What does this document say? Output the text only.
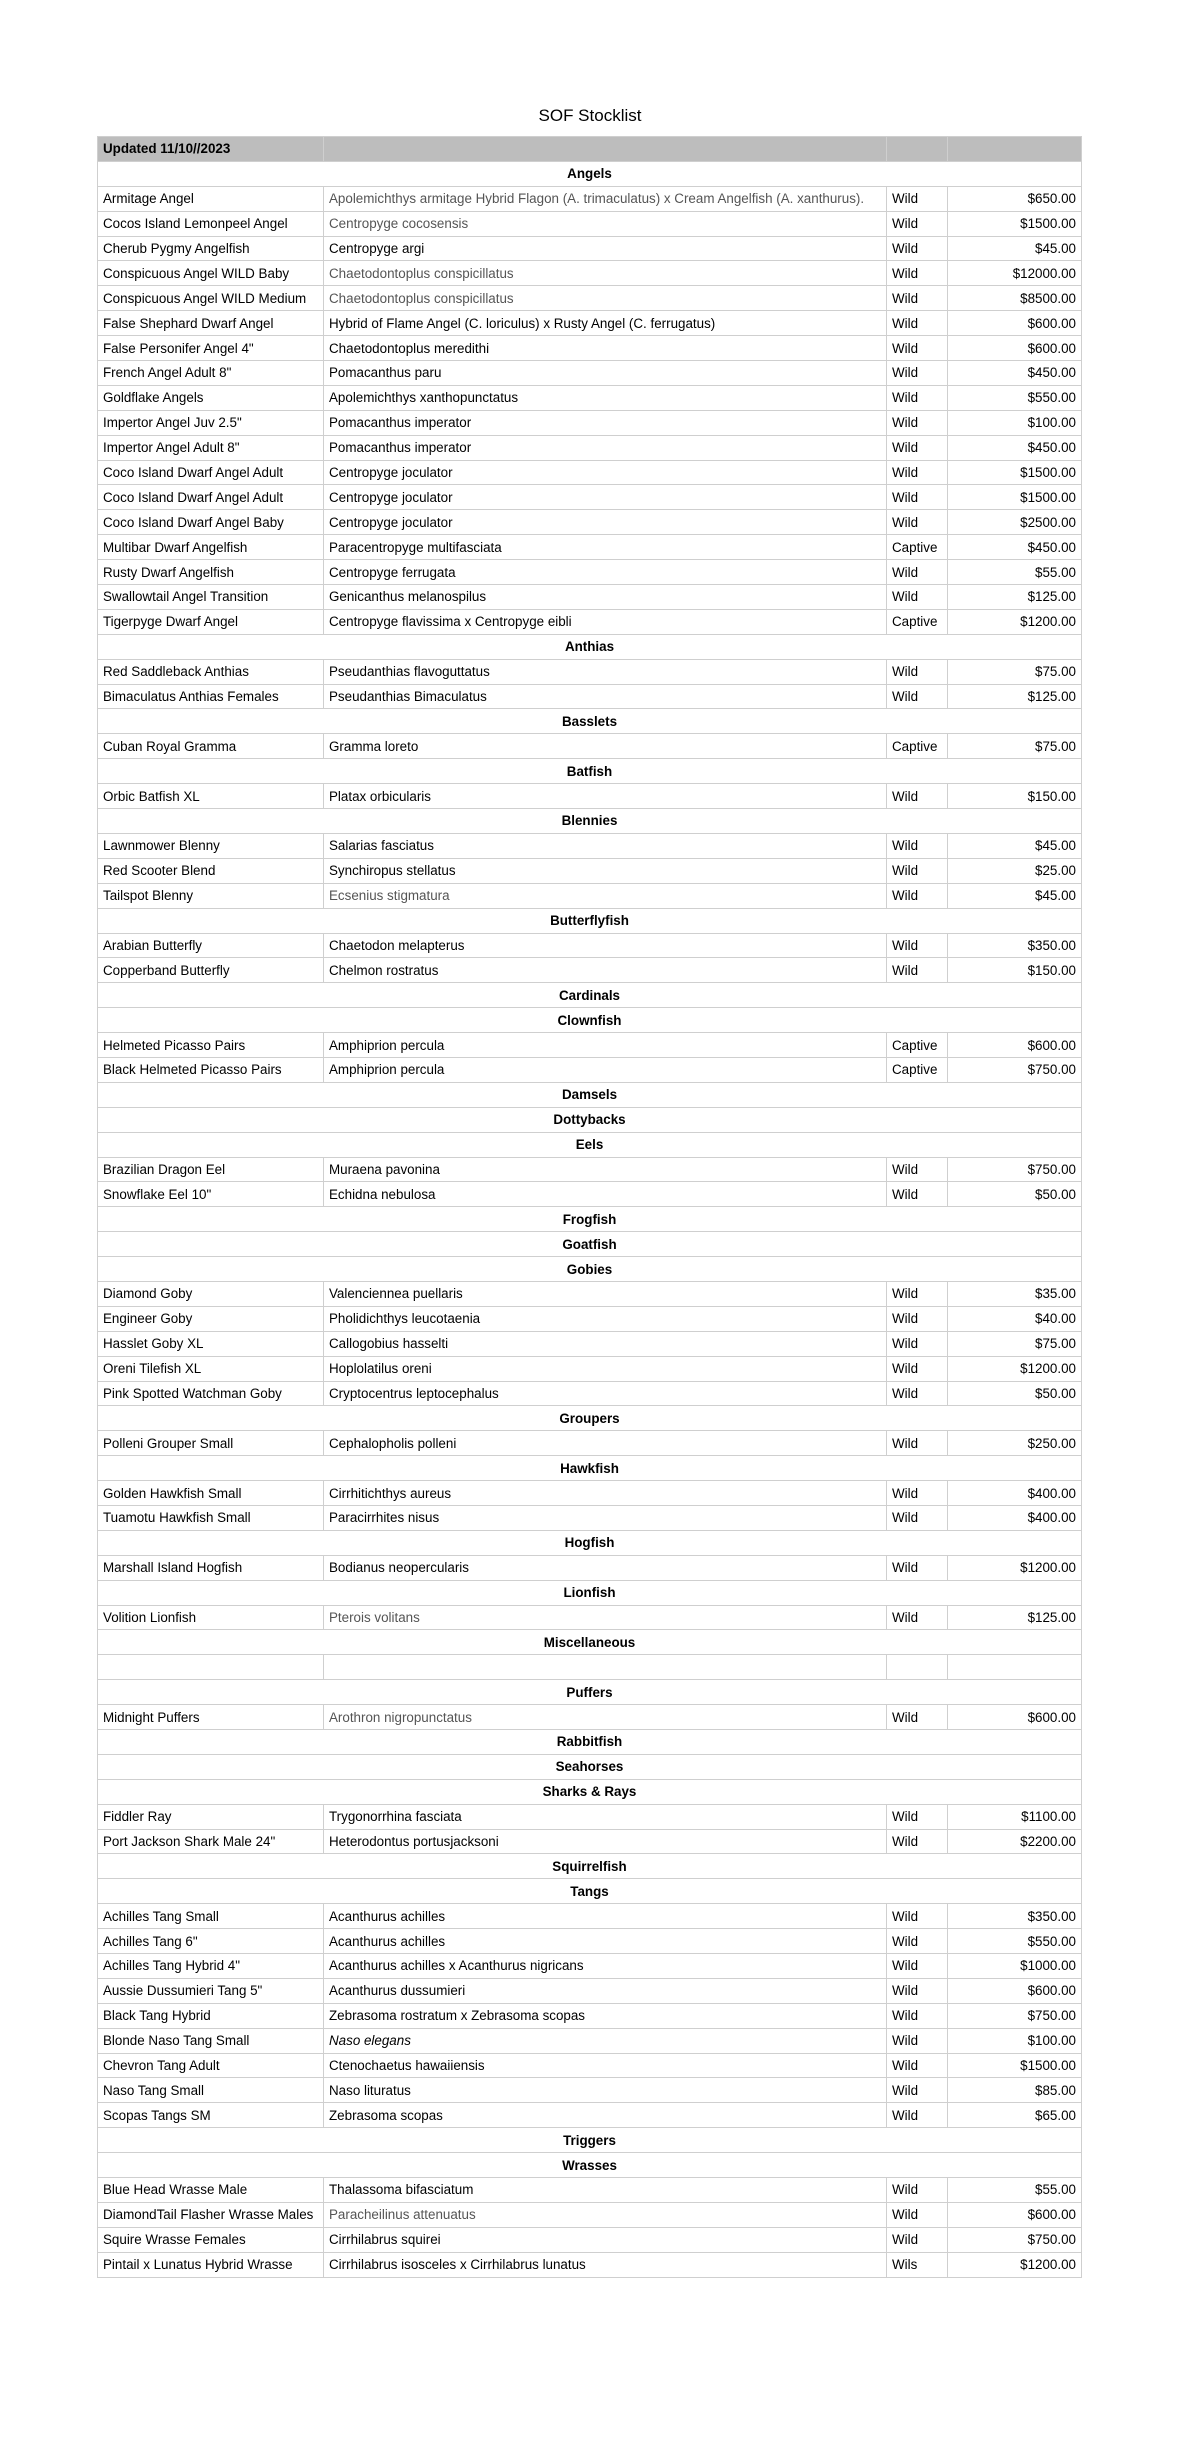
SOF Stocklist
Updated 11/10//2023			
Angels			
Armitage Angel	Apolemichthys armitage Hybrid Flagon (A. trimaculatus) x Cream Angelfish (A. xanthurus).	Wild	$650.00
Cocos Island Lemonpeel Angel	Centropyge cocosensis	Wild	$1500.00
Cherub Pygmy Angelfish	Centropyge argi	Wild	$45.00
Conspicuous Angel WILD Baby	Chaetodontoplus conspicillatus	Wild	$12000.00
Conspicuous Angel WILD Medium	Chaetodontoplus conspicillatus	Wild	$8500.00
False Shephard Dwarf Angel	Hybrid of Flame Angel (C. loriculus) x Rusty Angel (C. ferrugatus)	Wild	$600.00
False Personifer Angel 4"	Chaetodontoplus meredithi	Wild	$600.00
French Angel Adult 8"	Pomacanthus paru	Wild	$450.00
Goldflake Angels	Apolemichthys xanthopunctatus	Wild	$550.00
Impertor Angel Juv 2.5"	Pomacanthus imperator	Wild	$100.00
Impertor Angel Adult 8"	Pomacanthus imperator	Wild	$450.00
Coco Island Dwarf Angel Adult	Centropyge joculator	Wild	$1500.00
Coco Island Dwarf Angel Adult	Centropyge joculator	Wild	$1500.00
Coco Island Dwarf Angel Baby	Centropyge joculator	Wild	$2500.00
Multibar Dwarf Angelfish	Paracentropyge multifasciata	Captive	$450.00
Rusty Dwarf Angelfish	Centropyge ferrugata	Wild	$55.00
Swallowtail Angel Transition	Genicanthus melanospilus	Wild	$125.00
Tigerpyge Dwarf Angel	Centropyge flavissima x Centropyge eibli	Captive	$1200.00
Anthias			
Red Saddleback Anthias	Pseudanthias flavoguttatus	Wild	$75.00
Bimaculatus Anthias Females	Pseudanthias Bimaculatus	Wild	$125.00
Basslets			
Cuban Royal Gramma	Gramma loreto	Captive	$75.00
Batfish			
Orbic Batfish XL	Platax orbicularis	Wild	$150.00
Blennies			
Lawnmower Blenny	Salarias fasciatus	Wild	$45.00
Red Scooter Blend	Synchiropus stellatus	Wild	$25.00
Tailspot Blenny	Ecsenius stigmatura	Wild	$45.00
Butterflyfish			
Arabian Butterfly	Chaetodon melapterus	Wild	$350.00
Copperband Butterfly	Chelmon rostratus	Wild	$150.00
Cardinals			
Clownfish			
Helmeted Picasso Pairs	Amphiprion percula	Captive	$600.00
Black Helmeted Picasso Pairs	Amphiprion percula	Captive	$750.00
Damsels			
Dottybacks			
Eels			
Brazilian Dragon Eel	Muraena pavonina	Wild	$750.00
Snowflake Eel 10"	Echidna nebulosa	Wild	$50.00
Frogfish			
Goatfish			
Gobies			
Diamond Goby	Valenciennea puellaris	Wild	$35.00
Engineer Goby	Pholidichthys leucotaenia	Wild	$40.00
Hasslet Goby XL	Callogobius hasselti	Wild	$75.00
Oreni Tilefish XL	Hoplolatilus oreni	Wild	$1200.00
Pink Spotted Watchman Goby	Cryptocentrus leptocephalus	Wild	$50.00
Groupers			
Polleni Grouper Small	Cephalopholis polleni	Wild	$250.00
Hawkfish			
Golden Hawkfish Small	Cirrhitichthys aureus	Wild	$400.00
Tuamotu Hawkfish Small	Paracirrhites nisus	Wild	$400.00
Hogfish			
Marshall Island Hogfish	Bodianus neopercularis	Wild	$1200.00
Lionfish			
Volition Lionfish	Pterois volitans	Wild	$125.00
Miscellaneous			

Puffers			
Midnight Puffers	Arothron nigropunctatus	Wild	$600.00
Rabbitfish			
Seahorses			
Sharks & Rays			
Fiddler Ray	Trygonorrhina fasciata	Wild	$1100.00
Port Jackson Shark Male 24"	Heterodontus portusjacksoni	Wild	$2200.00
Squirrelfish			
Tangs			
Achilles Tang Small	Acanthurus achilles	Wild	$350.00
Achilles Tang 6"	Acanthurus achilles	Wild	$550.00
Achilles Tang Hybrid 4"	Acanthurus achilles x Acanthurus nigricans	Wild	$1000.00
Aussie Dussumieri Tang 5"	Acanthurus dussumieri	Wild	$600.00
Black Tang Hybrid	Zebrasoma rostratum x Zebrasoma scopas	Wild	$750.00
Blonde Naso Tang Small	Naso elegans	Wild	$100.00
Chevron Tang Adult	Ctenochaetus hawaiiensis	Wild	$1500.00
Naso Tang Small	Naso lituratus	Wild	$85.00
Scopas Tangs SM	Zebrasoma scopas	Wild	$65.00
Triggers			
Wrasses			
Blue Head Wrasse Male	Thalassoma bifasciatum	Wild	$55.00
DiamondTail Flasher Wrasse Males	Paracheilinus attenuatus	Wild	$600.00
Squire Wrasse Females	Cirrhilabrus squirei	Wild	$750.00
Pintail x Lunatus Hybrid Wrasse	Cirrhilabrus isosceles x Cirrhilabrus lunatus	Wils	$1200.00
